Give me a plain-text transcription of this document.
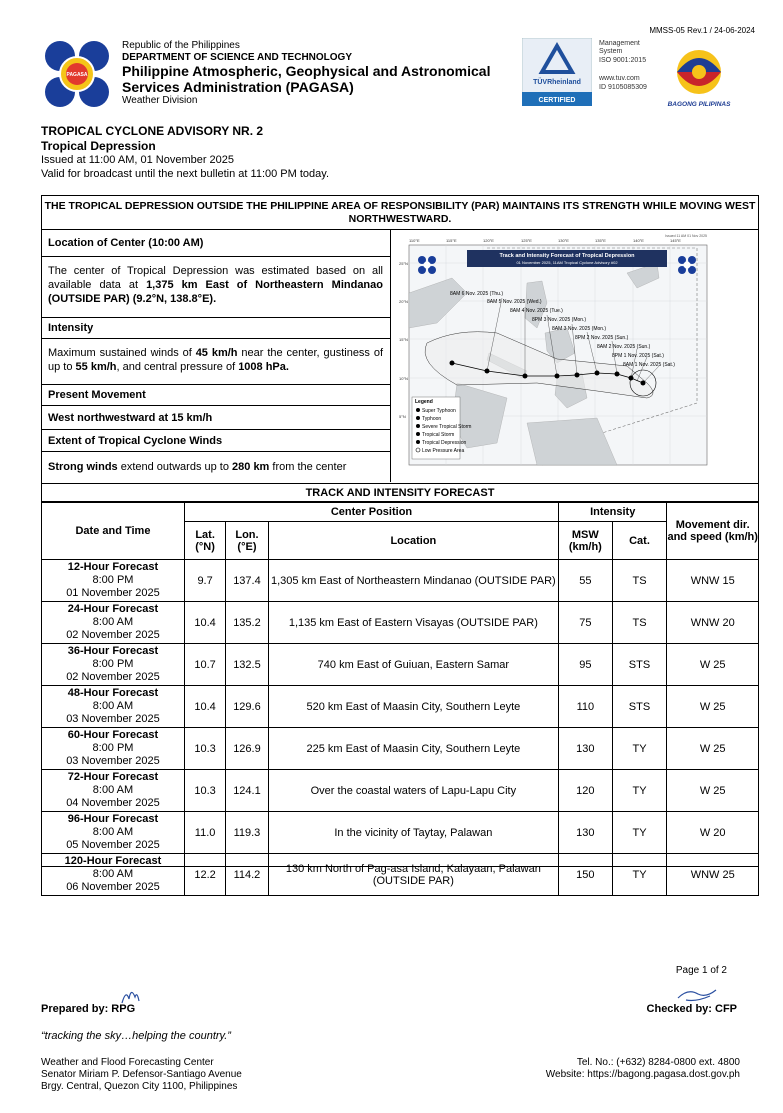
MMSS-05 Rev.1 / 24-06-2024
PAGASA
Republic of the Philippines
DEPARTMENT OF SCIENCE AND TECHNOLOGY
Philippine Atmospheric, Geophysical and Astronomical
Services Administration (PAGASA)
Weather Division
TÜVRheinland
CERTIFIED
Management
System
ISO 9001:2015
www.tuv.com
ID 9105085309
BAGONG PILIPINAS
TROPICAL CYCLONE ADVISORY NR. 2
Tropical Depression
Issued at 11:00 AM, 01 November 2025
Valid for broadcast until the next bulletin at 11:00 PM today.
THE TROPICAL DEPRESSION OUTSIDE THE PHILIPPINE AREA OF RESPONSIBILITY (PAR) MAINTAINS ITS STRENGTH WHILE MOVING WEST NORTHWESTWARD.
Location of Center (10:00 AM)
The center of Tropical Depression was estimated based on all available data at 1,375 km East of Northeastern Mindanao (OUTSIDE PAR) (9.2°N, 138.8°E).
Intensity
Maximum sustained winds of 45 km/h near the center, gustiness of up to 55 km/h, and central pressure of 1008 hPa.
Present Movement
West northwestward at 15 km/h
Extent of Tropical Cyclone Winds
Strong winds extend outwards up to 280 km from the center
110°E	115°E	120°E	125°E	130°E	135°E	140°E	145°E
25°N
20°N
15°N
10°N
5°N
Issued 11 AM 01 Nov 2025
Track and Intensity Forecast of Tropical Depression
01 November 2025, 11AM Tropical Cyclone Advisory #02
8AM 6 Nov. 2025 (Thu.)
8AM 5 Nov. 2025 (Wed.)
8AM 4 Nov. 2025 (Tue.)
8PM 3 Nov. 2025 (Mon.)
8AM 3 Nov. 2025 (Mon.)
8PM 2 Nov. 2025 (Sun.)
8AM 2 Nov. 2025 (Sun.)
8PM 1 Nov. 2025 (Sat.)
8AM 1 Nov. 2025 (Sat.)
Legend
Super Typhoon
Typhoon
Severe Tropical Storm
Tropical Storm
Tropical Depression
Low Pressure Area
TRACK AND INTENSITY FORECAST
Date and Time	Center Position			Intensity		Movement dir. and speed (km/h)
	Lat. (°N)	Lon. (°E)	Location	MSW (km/h)	Cat.	

12-Hour Forecast
8:00 PM
01 November 2025	9.7	137.4	1,305 km East of Northeastern Mindanao (OUTSIDE PAR)	55	TS	WNW 15

24-Hour Forecast
8:00 AM
02 November 2025	10.4	135.2	1,135 km East of Eastern Visayas (OUTSIDE PAR)	75	TS	WNW 20

36-Hour Forecast
8:00 PM
02 November 2025	10.7	132.5	740 km East of Guiuan, Eastern Samar	95	STS	W 25

48-Hour Forecast
8:00 AM
03 November 2025	10.4	129.6	520 km East of Maasin City, Southern Leyte	110	STS	W 25

60-Hour Forecast
8:00 PM
03 November 2025	10.3	126.9	225 km East of Maasin City, Southern Leyte	130	TY	W 25

72-Hour Forecast
8:00 AM
04 November 2025	10.3	124.1	Over the coastal waters of Lapu-Lapu City	120	TY	W 25

96-Hour Forecast
8:00 AM
05 November 2025	11.0	119.3	In the vicinity of Taytay, Palawan	130	TY	W 20

120-Hour Forecast
8:00 AM
06 November 2025	12.2	114.2	130 km North of Pag-asa Island, Kalayaan, Palawan (OUTSIDE PAR)	150	TY	WNW 25
Page 1 of 2
Prepared by: RPG	Checked by: CFP
“tracking the sky…helping the country.”
Weather and Flood Forecasting Center
Senator Miriam P. Defensor-Santiago Avenue
Brgy. Central, Quezon City 1100, Philippines
Tel. No.: (+632) 8284-0800 ext. 4800
Website: https://bagong.pagasa.dost.gov.ph
